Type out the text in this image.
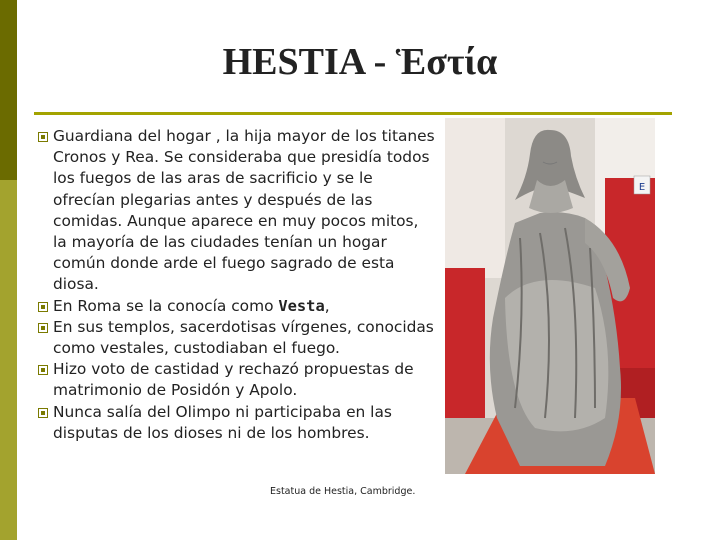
HESTIA - Ἑστία
Guardiana del hogar , la hija mayor de los titanes Cronos y Rea. Se consideraba que presidía todos los fuegos de las aras de sacrificio y se le ofrecían plegarias antes y después de las comidas. Aunque aparece en muy pocos mitos, la mayoría de las ciudades tenían un hogar común donde arde el fuego sagrado de esta diosa.
En Roma se la conocía como Vesta,
En sus templos, sacerdotisas vírgenes, conocidas como vestales, custodiaban el fuego.
Hizo voto de castidad y rechazó propuestas de matrimonio de Posidón y Apolo.
Nunca salía del Olimpo ni participaba en las disputas de los dioses ni de los hombres.
E
Estatua de Hestia, Cambridge.
